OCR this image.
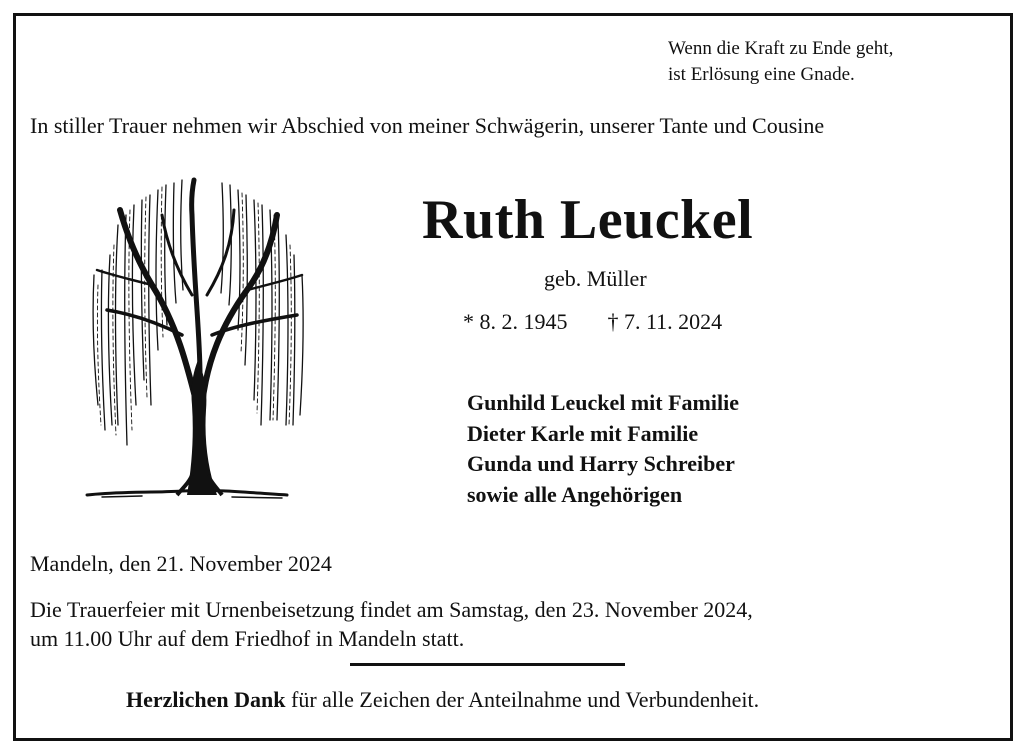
Wenn die Kraft zu Ende geht,
ist Erlösung eine Gnade.
In stiller Trauer nehmen wir Abschied von meiner Schwägerin, unserer Tante und Cousine
Ruth Leuckel
geb. Müller
* 8. 2. 1945 † 7. 11. 2024
Gunhild Leuckel mit Familie
Dieter Karle mit Familie
Gunda und Harry Schreiber
sowie alle Angehörigen
Mandeln, den 21. November 2024
Die Trauerfeier mit Urnenbeisetzung findet am Samstag, den 23. November 2024,
um 11.00 Uhr auf dem Friedhof in Mandeln statt.
Herzlichen Dank für alle Zeichen der Anteilnahme und Verbundenheit.
